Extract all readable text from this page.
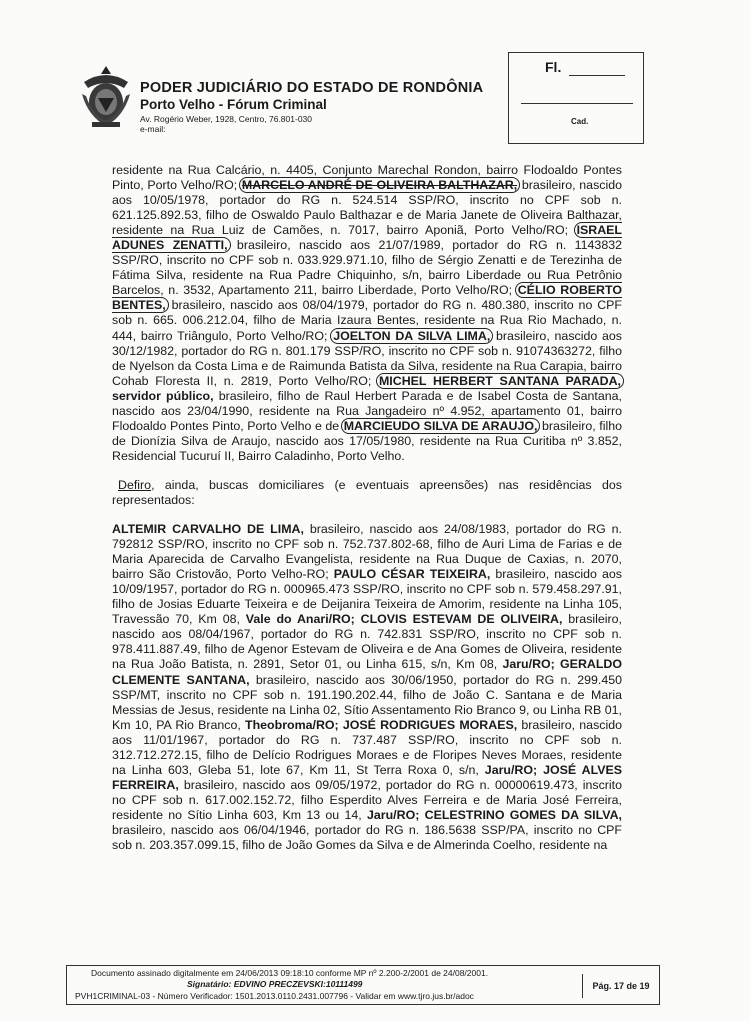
PODER JUDICIÁRIO DO ESTADO DE RONDÔNIA
Porto Velho - Fórum Criminal
Av. Rogério Weber, 1928, Centro, 76.801-030
e-mail:
Fl.
Cad.

residente na Rua Calcário, n. 4405, Conjunto Marechal Rondon, bairro Flodoaldo Pontes Pinto, Porto Velho/RO; MARCELO ANDRÉ DE OLIVEIRA BALTHAZAR, brasileiro, nascido aos 10/05/1978, portador do RG n. 524.514 SSP/RO, inscrito no CPF sob n. 621.125.892.53, filho de Oswaldo Paulo Balthazar e de Maria Janete de Oliveira Balthazar, residente na Rua Luiz de Camões, n. 7017, bairro Aponiã, Porto Velho/RO; ISRAEL ADUNES ZENATTI, brasileiro, nascido aos 21/07/1989, portador do RG n. 1143832 SSP/RO, inscrito no CPF sob n. 033.929.971.10, filho de Sérgio Zenatti e de Terezinha de Fátima Silva, residente na Rua Padre Chiquinho, s/n, bairro Liberdade ou Rua Petrônio Barcelos, n. 3532, Apartamento 211, bairro Liberdade, Porto Velho/RO; CÉLIO ROBERTO BENTES, brasileiro, nascido aos 08/04/1979, portador do RG n. 480.380, inscrito no CPF sob n. 665. 006.212.04, filho de Maria Izaura Bentes, residente na Rua Rio Machado, n. 444, bairro Triângulo, Porto Velho/RO; JOELTON DA SILVA LIMA, brasileiro, nascido aos 30/12/1982, portador do RG n. 801.179 SSP/RO, inscrito no CPF sob n. 91074363272, filho de Nyelson da Costa Lima e de Raimunda Batista da Silva, residente na Rua Carapia, bairro Cohab Floresta II, n. 2819, Porto Velho/RO; MICHEL HERBERT SANTANA PARADA, servidor público, brasileiro, filho de Raul Herbert Parada e de Isabel Costa de Santana, nascido aos 23/04/1990, residente na Rua Jangadeiro nº 4.952, apartamento 01, bairro Flodoaldo Pontes Pinto, Porto Velho e de MARCIEUDO SILVA DE ARAUJO, brasileiro, filho de Dionízia Silva de Araujo, nascido aos 17/05/1980, residente na Rua Curitiba nº 3.852, Residencial Tucuruí II, Bairro Caladinho, Porto Velho.

Defiro, ainda, buscas domiciliares (e eventuais apreensões) nas residências dos representados:

ALTEMIR CARVALHO DE LIMA, brasileiro, nascido aos 24/08/1983, portador do RG n. 792812 SSP/RO, inscrito no CPF sob n. 752.737.802-68, filho de Auri Lima de Farias e de Maria Aparecida de Carvalho Evangelista, residente na Rua Duque de Caxias, n. 2070, bairro São Cristovão, Porto Velho-RO; PAULO CÉSAR TEIXEIRA, brasileiro, nascido aos 10/09/1957, portador do RG n. 000965.473 SSP/RO, inscrito no CPF sob n. 579.458.297.91, filho de Josias Eduarte Teixeira e de Deijanira Teixeira de Amorim, residente na Linha 105, Travessão 70, Km 08, Vale do Anari/RO; CLOVIS ESTEVAM DE OLIVEIRA, brasileiro, nascido aos 08/04/1967, portador do RG n. 742.831 SSP/RO, inscrito no CPF sob n. 978.411.887.49, filho de Agenor Estevam de Oliveira e de Ana Gomes de Oliveira, residente na Rua João Batista, n. 2891, Setor 01, ou Linha 615, s/n, Km 08, Jaru/RO; GERALDO CLEMENTE SANTANA, brasileiro, nascido aos 30/06/1950, portador do RG n. 299.450 SSP/MT, inscrito no CPF sob n. 191.190.202.44, filho de João C. Santana e de Maria Messias de Jesus, residente na Linha 02, Sítio Assentamento Rio Branco 9, ou Linha RB 01, Km 10, PA Rio Branco, Theobroma/RO; JOSÉ RODRIGUES MORAES, brasileiro, nascido aos 11/01/1967, portador do RG n. 737.487 SSP/RO, inscrito no CPF sob n. 312.712.272.15, filho de Delício Rodrigues Moraes e de Floripes Neves Moraes, residente na Linha 603, Gleba 51, lote 67, Km 11, St Terra Roxa 0, s/n, Jaru/RO; JOSÉ ALVES FERREIRA, brasileiro, nascido aos 09/05/1972, portador do RG n. 00000619.473, inscrito no CPF sob n. 617.002.152.72, filho Esperdito Alves Ferreira e de Maria José Ferreira, residente no Sítio Linha 603, Km 13 ou 14, Jaru/RO; CELESTRINO GOMES DA SILVA, brasileiro, nascido aos 06/04/1946, portador do RG n. 186.5638 SSP/PA, inscrito no CPF sob n. 203.357.099.15, filho de João Gomes da Silva e de Almerinda Coelho, residente na

Documento assinado digitalmente em 24/06/2013 09:18:10 conforme MP nº 2.200-2/2001 de 24/08/2001.
Signatário: EDVINO PRECZEVSKI:10111499
PVH1CRIMINAL-03 - Número Verificador: 1501.2013.0110.2431.007796 - Validar em www.tjro.jus.br/adoc
Pág. 17 de 19
